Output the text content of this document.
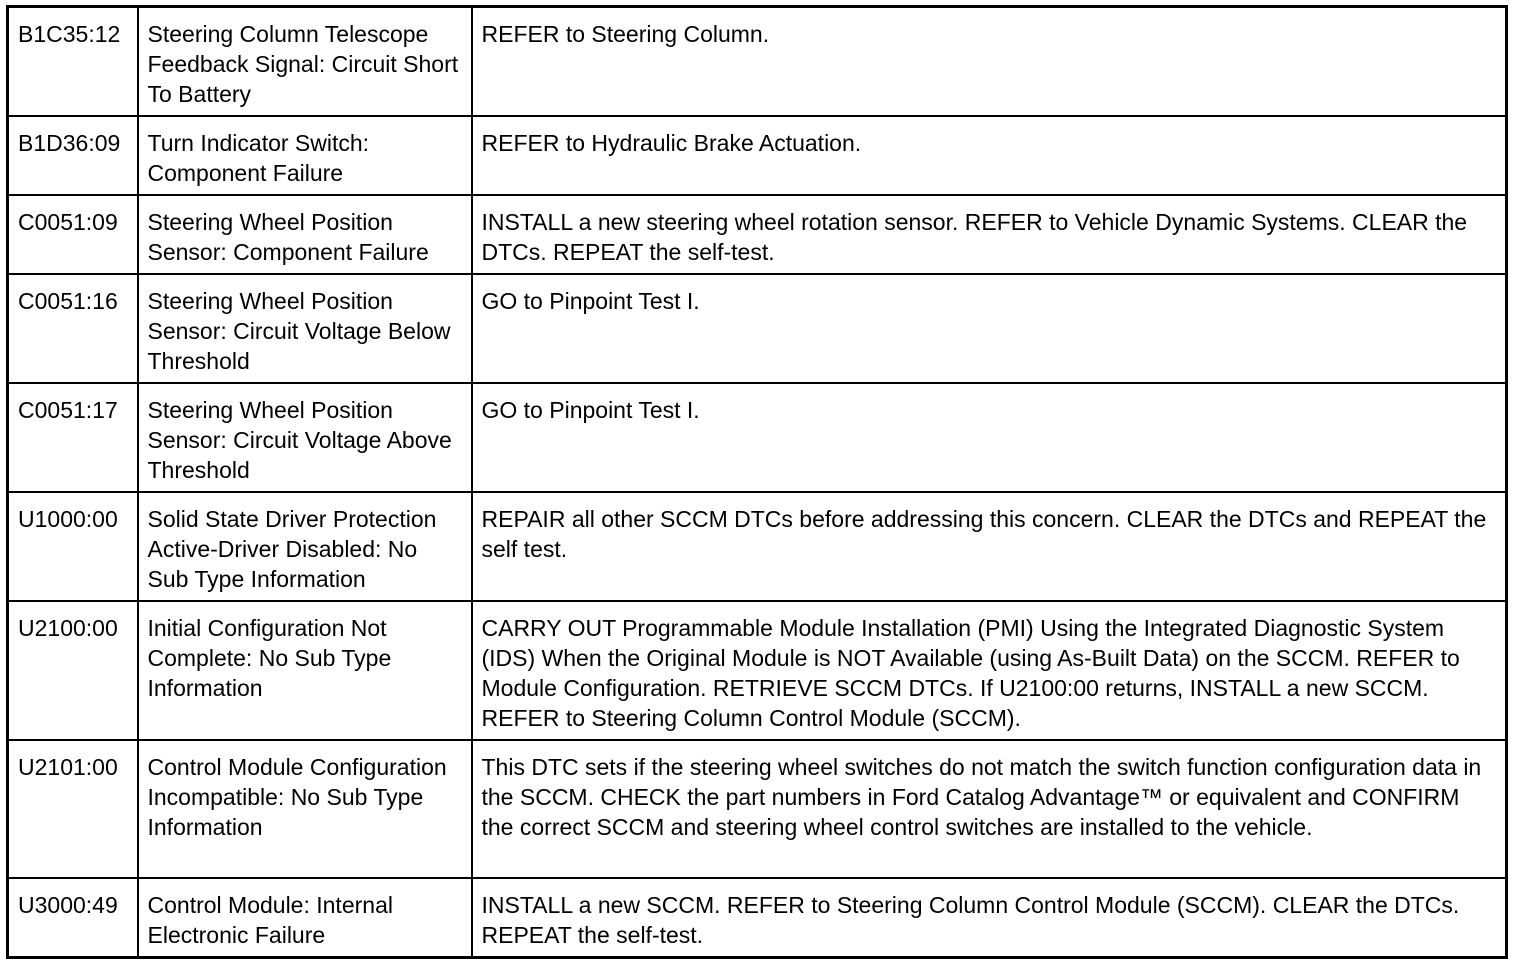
B1C35:12	Steering Column Telescope Feedback Signal: Circuit Short To Battery	REFER to Steering Column.
B1D36:09	Turn Indicator Switch: Component Failure	REFER to Hydraulic Brake Actuation.
C0051:09	Steering Wheel Position Sensor: Component Failure	INSTALL a new steering wheel rotation sensor. REFER to Vehicle Dynamic Systems. CLEAR the DTCs. REPEAT the self-test.
C0051:16	Steering Wheel Position Sensor: Circuit Voltage Below Threshold	GO to Pinpoint Test I.
C0051:17	Steering Wheel Position Sensor: Circuit Voltage Above Threshold	GO to Pinpoint Test I.
U1000:00	Solid State Driver Protection Active-Driver Disabled: No Sub Type Information	REPAIR all other SCCM DTCs before addressing this concern. CLEAR the DTCs and REPEAT the self test.
U2100:00	Initial Configuration Not Complete: No Sub Type Information	CARRY OUT Programmable Module Installation (PMI) Using the Integrated Diagnostic System (IDS) When the Original Module is NOT Available (using As-Built Data) on the SCCM. REFER to Module Configuration. RETRIEVE SCCM DTCs. If U2100:00 returns, INSTALL a new SCCM. REFER to Steering Column Control Module (SCCM).
U2101:00	Control Module Configuration Incompatible: No Sub Type Information	This DTC sets if the steering wheel switches do not match the switch function configuration data in the SCCM. CHECK the part numbers in Ford Catalog Advantage™ or equivalent and CONFIRM the correct SCCM and steering wheel control switches are installed to the vehicle.
U3000:49	Control Module: Internal Electronic Failure	INSTALL a new SCCM. REFER to Steering Column Control Module (SCCM). CLEAR the DTCs. REPEAT the self-test.
